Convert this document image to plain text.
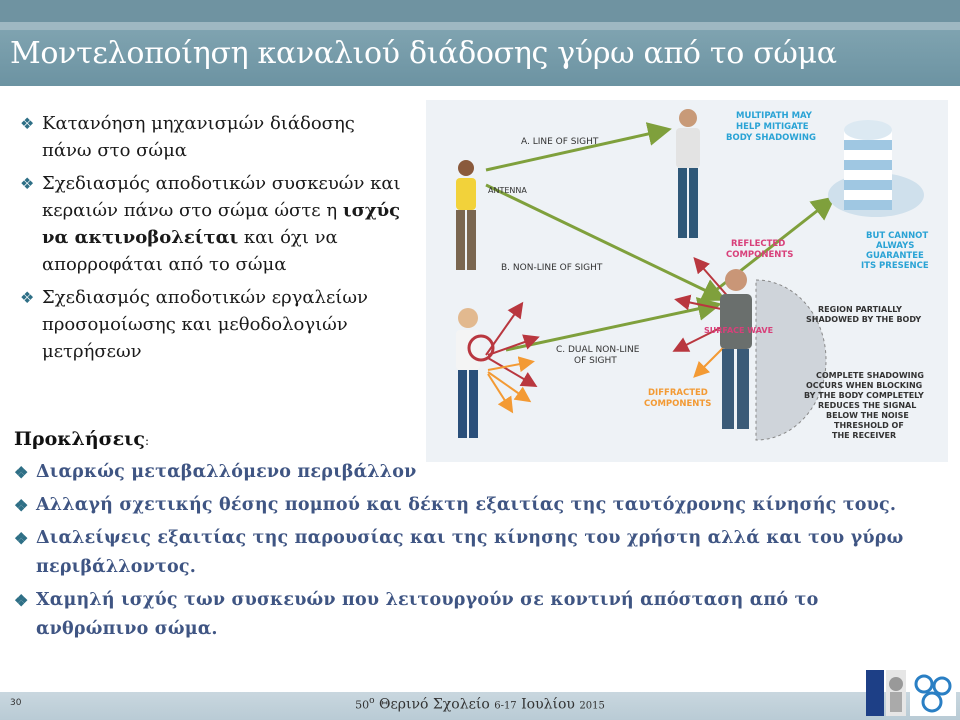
Μοντελοποίηση καναλιού διάδοσης γύρω από το σώμα
❖ Κατανόηση μηχανισμών διάδοσης πάνω στο σώμα
❖ Σχεδιασμός αποδοτικών συσκευών και κεραιών πάνω στο σώμα ώστε η ισχύς να ακτινοβολείται και όχι να απορροφάται από το σώμα
❖ Σχεδιασμός αποδοτικών εργαλείων προσομοίωσης και μεθοδολογιών μετρήσεων
A. LINE OF SIGHT
ANTENNA
B. NON-LINE OF SIGHT
C. DUAL NON-LINE
OF SIGHT
MULTIPATH MAY
HELP MITIGATE
BODY SHADOWING
BUT CANNOT
ALWAYS
GUARANTEE
ITS PRESENCE
REFLECTED
COMPONENTS
REGION PARTIALLY
SHADOWED BY THE BODY
SURFACE WAVE
DIFFRACTED
COMPONENTS
COMPLETE SHADOWING
OCCURS WHEN BLOCKING
BY THE BODY COMPLETELY
REDUCES THE SIGNAL
BELOW THE NOISE
THRESHOLD OF
THE RECEIVER
Προκλήσεις:
❖ Διαρκώς μεταβαλλόμενο περιβάλλον
❖ Αλλαγή σχετικής θέσης πομπού και δέκτη εξαιτίας της ταυτόχρονης κίνησής τους.
❖ Διαλείψεις εξαιτίας της παρουσίας και της κίνησης του χρήστη αλλά και του γύρω περιβάλλοντος.
❖ Χαμηλή ισχύς των συσκευών που λειτουργούν σε κοντινή απόσταση από το ανθρώπινο σώμα.
30	$50^o$ Θερινό Σχολείο 6-17 Ιουλίου 2015
